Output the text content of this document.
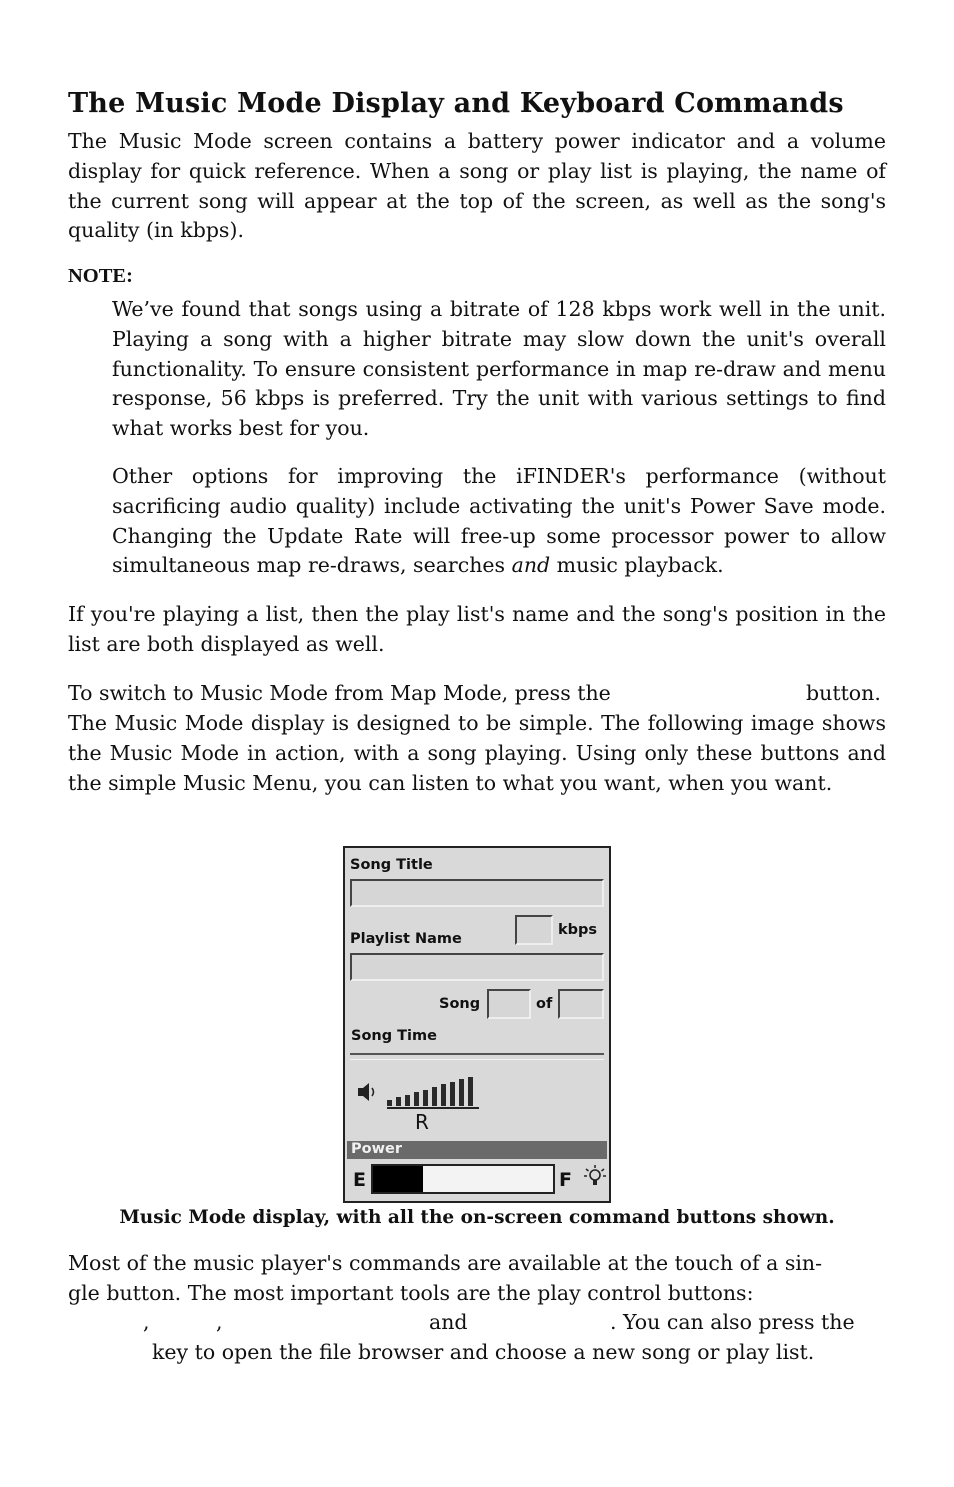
The Music Mode Display and Keyboard Commands

The Music Mode screen contains a battery power indicator and a volume display for quick reference. When a song or play list is playing, the name of the current song will appear at the top of the screen, as well as the song's quality (in kbps).

NOTE:

We’ve found that songs using a bitrate of 128 kbps work well in the unit. Playing a song with a higher bitrate may slow down the unit's overall functionality. To ensure consistent performance in map re-draw and menu response, 56 kbps is preferred. Try the unit with various settings to find what works best for you.

Other options for improving the iFINDER's performance (without sacrificing audio quality) include activating the unit's Power Save mode. Changing the Update Rate will free-up some processor power to allow simultaneous map re-draws, searches and music playback.

If you're playing a list, then the play list's name and the song's position in the list are both displayed as well.

To switch to Music Mode from Map Mode, press the	button.

The Music Mode display is designed to be simple. The following image shows the Music Mode in action, with a song playing. Using only these buttons and the simple Music Menu, you can listen to what you want, when you want.

Song Title
kbps
Playlist Name
Song	of
Song Time
R
Power
E	F
Music Mode display, with all the on-screen command buttons shown.
Most of the music player's commands are available at the touch of a sin-
gle button. The most important tools are the play control buttons:
,	,	and	. You can also press the
key to open the file browser and choose a new song or play list.
